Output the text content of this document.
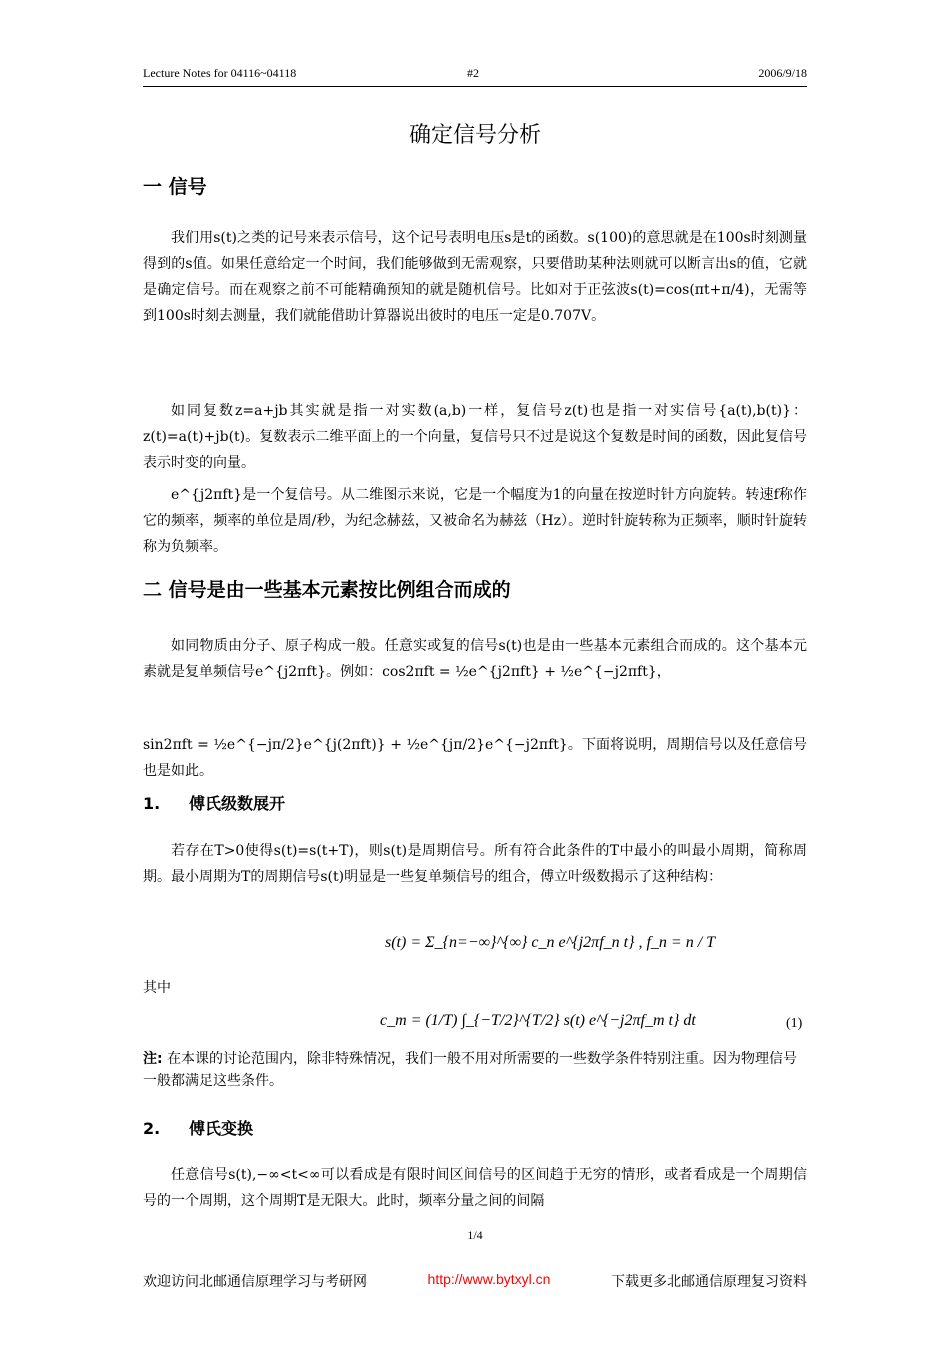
Lecture Notes for 04116~04118	#2	2006/9/18
确定信号分析
一 信号
我们用s(t)之类的记号来表示信号，这个记号表明电压s是t的函数。s(100)的意思就是在100s时刻测量得到的s值。如果任意给定一个时间，我们能够做到无需观察，只要借助某种法则就可以断言出s的值，它就是确定信号。而在观察之前不可能精确预知的就是随机信号。比如对于正弦波s(t)=cos(πt+π/4)，无需等到100s时刻去测量，我们就能借助计算器说出彼时的电压一定是0.707V。
如同复数z=a+jb其实就是指一对实数(a,b)一样，复信号z(t)也是指一对实信号{a(t),b(t)}：z(t)=a(t)+jb(t)。复数表示二维平面上的一个向量，复信号只不过是说这个复数是时间的函数，因此复信号表示时变的向量。
e^{j2πft}是一个复信号。从二维图示来说，它是一个幅度为1的向量在按逆时针方向旋转。转速f称作它的频率，频率的单位是周/秒，为纪念赫兹，又被命名为赫兹（Hz）。逆时针旋转称为正频率，顺时针旋转称为负频率。
二 信号是由一些基本元素按比例组合而成的
如同物质由分子、原子构成一般。任意实或复的信号s(t)也是由一些基本元素组合而成的。这个基本元素就是复单频信号e^{j2πft}。例如：cos2πft = ½e^{j2πft} + ½e^{−j2πft}，
sin2πft = ½e^{−jπ/2}e^{j(2πft)} + ½e^{jπ/2}e^{−j2πft}。下面将说明，周期信号以及任意信号也是如此。
1. 傅氏级数展开
若存在T>0使得s(t)=s(t+T)，则s(t)是周期信号。所有符合此条件的T中最小的叫最小周期，简称周期。最小周期为T的周期信号s(t)明显是一些复单频信号的组合，傅立叶级数揭示了这种结构：
s(t) = Σ_{n=−∞}^{∞} c_n e^{j2πf_n t} , f_n = n / T
其中
c_m = (1/T) ∫_{−T/2}^{T/2} s(t) e^{−j2πf_m t} dt	(1)
注: 在本课的讨论范围内，除非特殊情况，我们一般不用对所需要的一些数学条件特别注重。因为物理信号一般都满足这些条件。
2. 傅氏变换
任意信号s(t),−∞<t<∞可以看成是有限时间区间信号的区间趋于无穷的情形，或者看成是一个周期信号的一个周期，这个周期T是无限大。此时，频率分量之间的间隔
1/4
欢迎访问北邮通信原理学习与考研网	http://www.bytxyl.cn	下载更多北邮通信原理复习资料
